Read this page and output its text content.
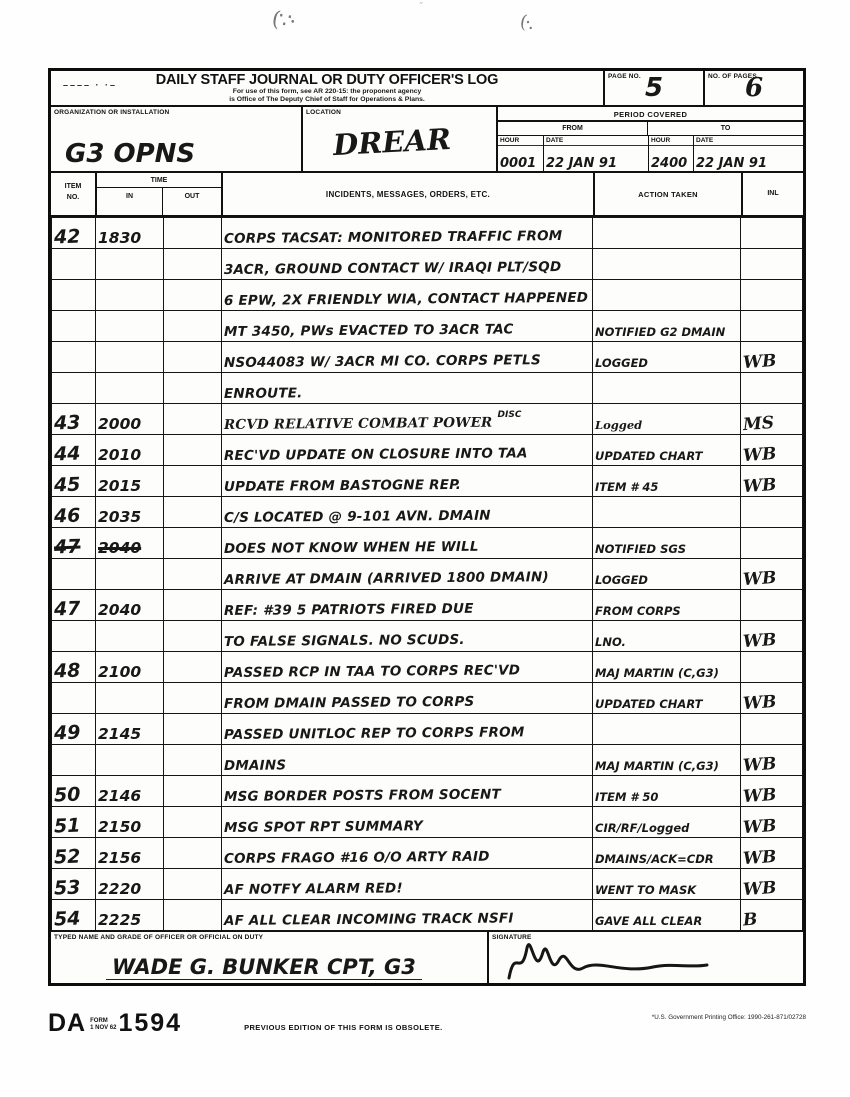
(∵·	(·.
˝
–––– · ·–	DAILY STAFF JOURNAL OR DUTY OFFICER'S LOG
For use of this form, see AR 220-15: the proponent agency
is Office of The Deputy Chief of Staff for Operations & Plans.
PAGE NO. 5	NO. OF PAGES
6
ORGANIZATION OR INSTALLATION
G3 OPNS
LOCATION
DREAR
PERIOD COVERED
FROM	TO
HOUR
0001
DATE
22 JAN 91
HOUR
2400
DATE
22 JAN 91
ITEM
NO.
TIME
IN	OUT	INCIDENTS, MESSAGES, ORDERS, ETC.	ACTION TAKEN	INL
42	1830		CORPS TACSAT: MONITORED TRAFFIC FROM		
			3ACR, GROUND CONTACT W/ IRAQI PLT/SQD		
			6 EPW, 2X FRIENDLY WIA, CONTACT HAPPENED		
			MT 3450, PWs EVACTED TO 3ACR TAC	NOTIFIED G2 DMAIN	
			NSO44083 W/ 3ACR MI CO. CORPS PETLS	LOGGED	WB
			ENROUTE.		
43	2000		RCVD RELATIVE COMBAT POWER $^{DISC}$	Logged	MS
44	2010		REC'VD UPDATE ON CLOSURE INTO TAA	UPDATED CHART	WB
45	2015		UPDATE FROM BASTOGNE REP.	ITEM # 45	WB
46	2035		C/S LOCATED @ 9-101 AVN. DMAIN		
47	2040		DOES NOT KNOW WHEN HE WILL	NOTIFIED SGS	
			ARRIVE AT DMAIN (ARRIVED 1800 DMAIN)	LOGGED	WB
47	2040		REF: #39 5 PATRIOTS FIRED DUE	FROM CORPS	
			TO FALSE SIGNALS. NO SCUDS.	LNO.	WB
48	2100		PASSED RCP IN TAA TO CORPS REC'VD	MAJ MARTIN (C,G3)	
			FROM DMAIN PASSED TO CORPS	UPDATED CHART	WB
49	2145		PASSED UNITLOC REP TO CORPS FROM		
			DMAINS	MAJ MARTIN (C,G3)	WB
50	2146		MSG BORDER POSTS FROM SOCENT	ITEM # 50	WB
51	2150		MSG SPOT RPT SUMMARY	CIR/RF/Logged	WB
52	2156		CORPS FRAGO #16 O/O ARTY RAID	DMAINS/ACK=CDR	WB
53	2220		AF NOTFY ALARM RED!	WENT TO MASK	WB
54	2225		AF ALL CLEAR INCOMING TRACK NSFI	GAVE ALL CLEAR	B
TYPED NAME AND GRADE OF OFFICER OR OFFICIAL ON DUTY
WADE G. BUNKER CPT, G3
SIGNATURE
DA FORM
1 NOV 62 1594	PREVIOUS EDITION OF THIS FORM IS OBSOLETE.
*U.S. Government Printing Office: 1990-261-871/02728
